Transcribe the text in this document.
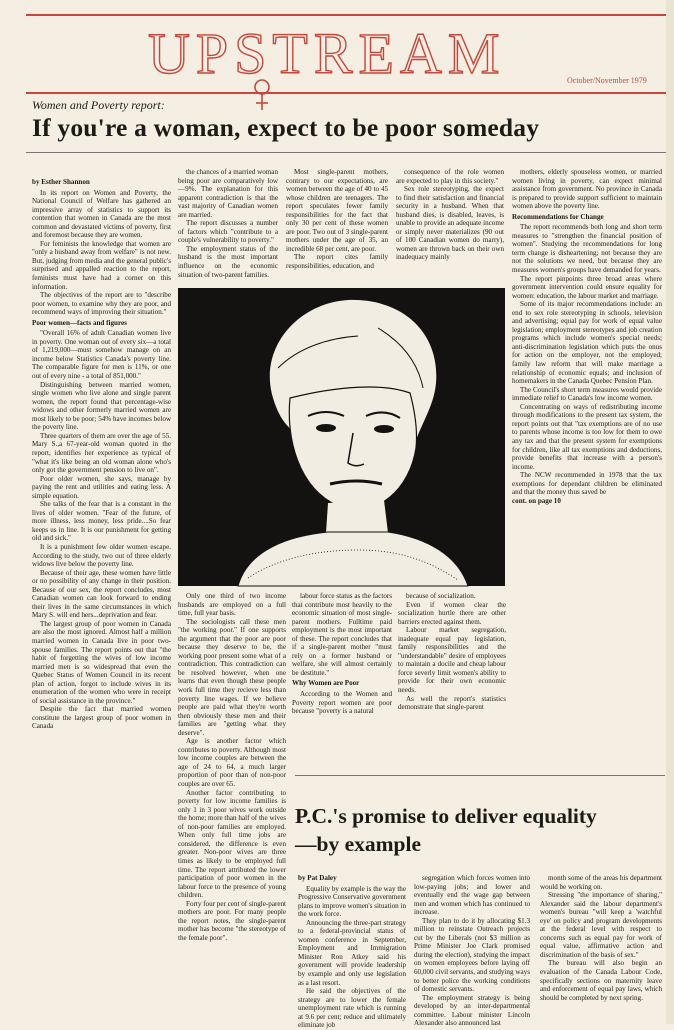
UPSTREAM	October/November 1979
Women and Poverty report:
If you're a woman, expect to be poor someday

by Esther Shannon

In its report on Women and Poverty, the National Council of Welfare has gathered an impressive array of statistics to support its contention that women in Canada are the most common and devastated victims of poverty, first and foremost because they are women.

For feminists the knowledge that women are "only a husband away from welfare" is not new. But, judging from media and the general public's surprised and appalled reaction to the report, feminists must have had a corner on this information.

The objectives of the report are to "describe poor women, to examine why they are poor, and recommend ways of improving their situation."

Poor women—facts and figures

"Overall 16% of adult Canadian women live in poverty. One woman out of every six—a total of 1,219,000—must somehow manage on an income below Statistics Canada's poverty line. The comparable figure for men is 11%, or one out of every nine - a total of 851,000."

Distinguishing between married women, single women who live alone and single parent women, the report found that percentage-wise widows and other formerly married women are most likely to be poor; 54% have incomes below the poverty line.

Three quarters of them are over the age of 55. Mary S.,a 67-year-old woman quoted in the report, identifies her experience as typical of "what it's like being an old woman alone who's only got the government pension to live on".

Poor older women, she says, manage by paying the rent and utilities and eating less. A simple equation.

She talks of the fear that is a constant in the lives of older women. "Fear of the future, of more illness, less money, less pride....So fear keeps us in line. It is our punishment for getting old and sick."

It is a punishment few older women escape. According to the study, two out of three elderly widows live below the poverty line.

Because of their age, these women have little or no possibility of any change in their position. Because of our sex, the report concludes, most Canadian women can look forward to ending their lives in the same circumstances in which Mary S. will end hers...deprivation and fear.

The largest group of poor women in Canada are also the most ignored. Almost half a million married women in Canada live in poor two-spouse families. The report points out that "the habit of forgetting the wives of low income married men is so widespread that even the Quebec Status of Women Council in its recent plan of action, forgot to include wives in its enumeration of the women who were in receipt of social assistance in the province."

Despite the fact that married women constitute the largest group of poor women in Canada

the chances of a married woman being poor are comparatively low—9%. The explanation for this apparent contradiction is that the vast majority of Canadian women are married.

The report discusses a number of factors which "contribute to a couple's vulnerability to poverty."

The employment status of the husband is the most important influence on the economic situation of two-parent families.

Most single-parent mothers, contrary to our expectations, are women between the age of 40 to 45 whose children are teenagers. The report speculates fewer family responsibilities for the fact that only 30 per cent of these women are poor. Two out of 3 single-parent mothers under the age of 35, an incredible 68 per cent, are poor.

The report cites family responsibilities, education, and

consequence of the role women are expected to play in this society."

Sex role stereotyping, the expect to find their satisfaction and financial security in a husband. When that husband dies, is disabled, leaves, is unable to provide an adequate income or simply never materializes (90 out of 100 Canadian women do marry), women are thrown back on their own inadequacy mainly

mothers, elderly spouseless women, or married women living in poverty, can expect minimal assistance from government. No province in Canada is prepared to provide support sufficient to maintain women above the poverty line.

Recommendations for Change

The report recommends both long and short term measures to "strengthen the financial position of women". Studying the recommendations for long term change is disheartening; not because they are not the solutions we need, but because they are measures women's groups have demanded for years.

The report pinpoints three broad areas where government intervention could ensure equality for women: education, the labour market and marriage.

Some of its major recommendations include: an end to sex role stereotyping in schools, television and advertising; equal pay for work of equal value legislation; employment stereotypes and job creation programs which include women's special needs; anti-discrimination legislation which puts the onus for action on the employer, not the employed; family law reform that will make marriage a relationship of economic equals; and inclusion of homemakers in the Canada Quebec Pension Plan.

The Council's short term measures would provide immediate relief to Canada's low income women.

Concentrating on ways of redistributing income through modifications to the present tax system, the report points out that "tax exemptions are of no use to parents whose income is too low for them to owe any tax and that the present system for exemptions for children, like all tax exemptions and deductions, provide benefits that increase with a person's income.

The NCW recommended in 1978 that the tax exemptions for dependant children be eliminated and that the money thus saved be

cont. on page 10

Only one third of two income husbands are employed on a full time, full year basis.

The sociologists call these men "the working poor." If one supports the argument that the poor are poor because they deserve to be, the working poor present some what of a contradiction. This contradiction can be resolved however, when one learns that even though these people work full time they recieve less than poverty line wages. If we believe people are paid what they're worth then obviously these men and their families are "getting what they deserve".

Age is another factor which contributes to poverty. Although most low income couples are between the age of 24 to 64, a much larger proportion of poor than of non-poor couples are over 65.

Another factor contributing to poverty for low income families is only 1 in 3 poor wives work outside the home; more than half of the wives of non-poor families are employed. When only full time jobs are considered, the difference is even greater. Non-poor wives are three times as likely to be employed full time. The report attributed the lower participation of poor women in the labour force to the presence of young children.

Forty four per cent of single-parent mothers are poor. For many people the report notes, the single-parent mother has become "the stereotype of the female poor".

labour force status as the factors that contribute most heavily to the economic situation of most single-parent mothers. Fulltime paid employment is the most important of these. The report concludes that if a single-parent mother "must rely on a former husband or welfare, she will almost certainly be destitute."

Why Women are Poor

According to the Women and Poverty report women are poor because "poverty is a natural

because of socialization.

Even if women clear the socialization hurtle there are other barriers erected against them.

Labour market segregation, inadequate equal pay legislation, family responsibilities and the "understandable" desire of employees to maintain a docile and cheap labour force severly limit women's ability to provide for their own economic needs.

As well the report's statistics demonstrate that single-parent

P.C.'s promise to deliver equality
—by example

by Pat Daley

Equality by example is the way the Progressive Conservative government plans to improve women's situation in the work force.

Announcing the three-part strategy to a federal-provincial status of women conference in September, Employment and Immigration Minister Ron Atkey said his government will provide leadership by example and only use legislation as a last resort.

He said the objectives of the strategy are to lower the female unemployment rate which is running at 9.6 per cent; reduce and ultimately eliminate job

segregation which forces women into low-paying jobs; and lower and eventually end the wage gap between men and women which has continued to increase.

They plan to do it by allocating $1.3 million to reinstate Outreach projects cut by the Liberals (not $3 million as Prime Minister Joe Clark promised during the election), studying the impact on women employees before laying off 60,000 civil servants, and studying ways to better police the working conditions of domestic servants.

The employment strategy is being developed by an inter-departmental committee. Labour minister Lincoln Alexander also announced last

month some of the areas his department would be working on.

Stressing "the importance of sharing," Alexander said the labour department's women's bureau "will keep a 'watchful eye' on policy and program developments at the federal level with respect to concerns such as equal pay for work of equal value, affirmative action and discrimination of the basis of sex."

The bureau will also begin an evaluation of the Canada Labour Code, specifically sections on maternity leave and enforcement of equal pay laws, which should be completed by next spring.
